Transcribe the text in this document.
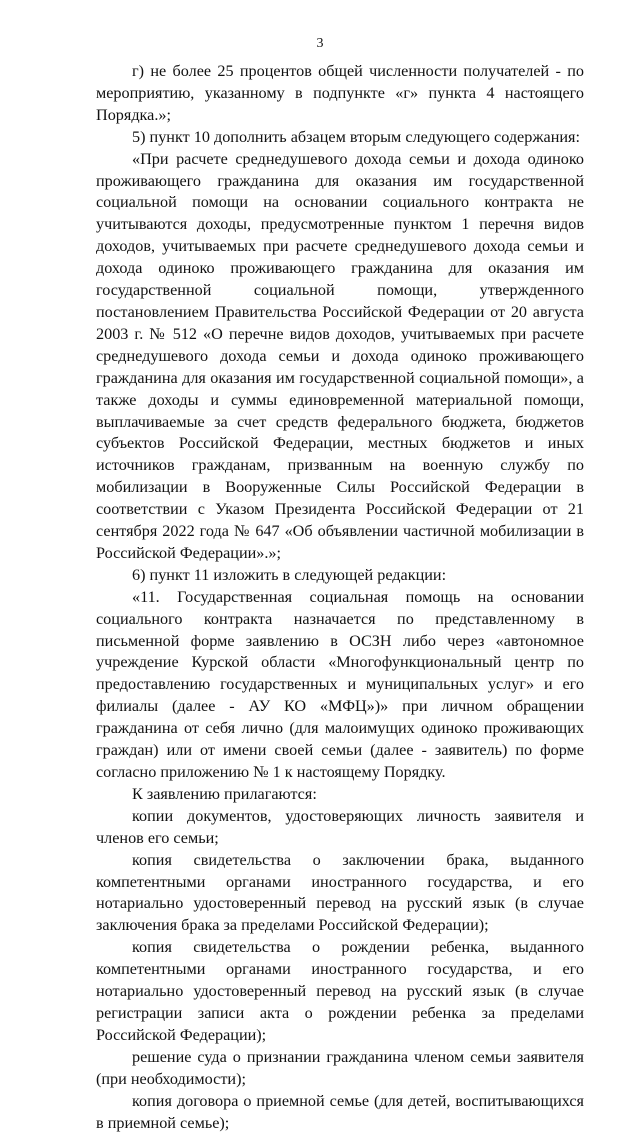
3

г) не более 25 процентов общей численности получателей - по мероприятию, указанному в подпункте «г» пункта 4 настоящего Порядка.»;

5) пункт 10 дополнить абзацем вторым следующего содержания:

«При расчете среднедушевого дохода семьи и дохода одиноко проживающего гражданина для оказания им государственной социальной помощи на основании социального контракта не учитываются доходы, предусмотренные пунктом 1 перечня видов доходов, учитываемых при расчете среднедушевого дохода семьи и дохода одиноко проживающего гражданина для оказания им государственной социальной помощи, утвержденного постановлением Правительства Российской Федерации от 20 августа 2003 г. № 512 «О перечне видов доходов, учитываемых при расчете среднедушевого дохода семьи и дохода одиноко проживающего гражданина для оказания им государственной социальной помощи», а также доходы и суммы единовременной материальной помощи, выплачиваемые за счет средств федерального бюджета, бюджетов субъектов Российской Федерации, местных бюджетов и иных источников гражданам, призванным на военную службу по мобилизации в Вооруженные Силы Российской Федерации в соответствии с Указом Президента Российской Федерации от 21 сентября 2022 года № 647 «Об объявлении частичной мобилизации в Российской Федерации».»;

6) пункт 11 изложить в следующей редакции:

«11. Государственная социальная помощь на основании социального контракта назначается по представленному в письменной форме заявлению в ОСЗН либо через «автономное учреждение Курской области «Многофункциональный центр по предоставлению государственных и муниципальных услуг» и его филиалы (далее - АУ КО «МФЦ»)» при личном обращении гражданина от себя лично (для малоимущих одиноко проживающих граждан) или от имени своей семьи (далее - заявитель) по форме согласно приложению № 1 к настоящему Порядку.

К заявлению прилагаются:

копии документов, удостоверяющих личность заявителя и членов его семьи;

копия свидетельства о заключении брака, выданного компетентными органами иностранного государства, и его нотариально удостоверенный перевод на русский язык (в случае заключения брака за пределами Российской Федерации);

копия свидетельства о рождении ребенка, выданного компетентными органами иностранного государства, и его нотариально удостоверенный перевод на русский язык (в случае регистрации записи акта о рождении ребенка за пределами Российской Федерации);

решение суда о признании гражданина членом семьи заявителя (при необходимости);

копия договора о приемной семье (для детей, воспитывающихся в приемной семье);
